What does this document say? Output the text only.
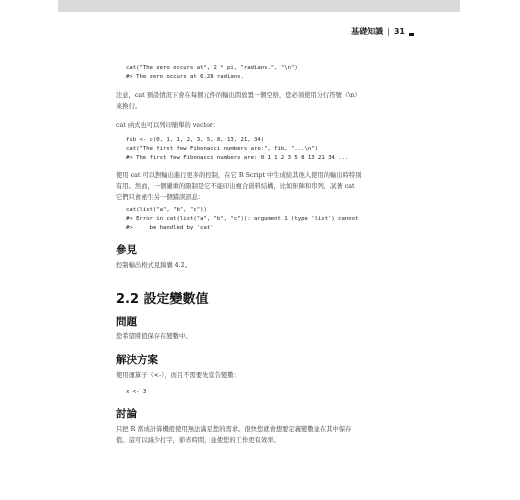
基礎知識 | 31
cat("The zero occurs at", 2 * pi, "radians.", "\n")
#> The zero occurs at 6.28 radians.
注意，cat 預設情況下會在每個元件的輸出間放置一個空格，您必須使用分行符號（\n）
來換行。
cat 函式也可以列印簡單的 vector：
fib <- c(0, 1, 1, 2, 3, 5, 8, 13, 21, 34)
cat("The first few Fibonacci numbers are:", fib, "...\n")
#> The first few Fibonacci numbers are: 0 1 1 2 3 5 8 13 21 34 ...
使用 cat 可以對輸出進行更多的控制，在它 R Script 中生成給其他人使用的輸出時特別
有用。然而，一個嚴重的限制是它不能印出複合資料結構，比如矩陣和串列，試著 cat
它們只會產生另一個錯誤訊息：
cat(list("a", "b", "c"))
#> Error in cat(list("a", "b", "c")): argument 1 (type 'list') cannot
#>     be handled by 'cat'
參見
控制輸出格式見錦囊 4.2。
2.2 設定變數值
問題
您希望將值保存在變數中。
解決方案
使用運算子（<-），而且不需要先宣告變數：
x <- 3
討論
只把 R 當成計算機般使用無法滿足您的需求。很快您就會想要定義變數並在其中保存
值。這可以減少打字，節省時間，並使您的工作更有效率。
